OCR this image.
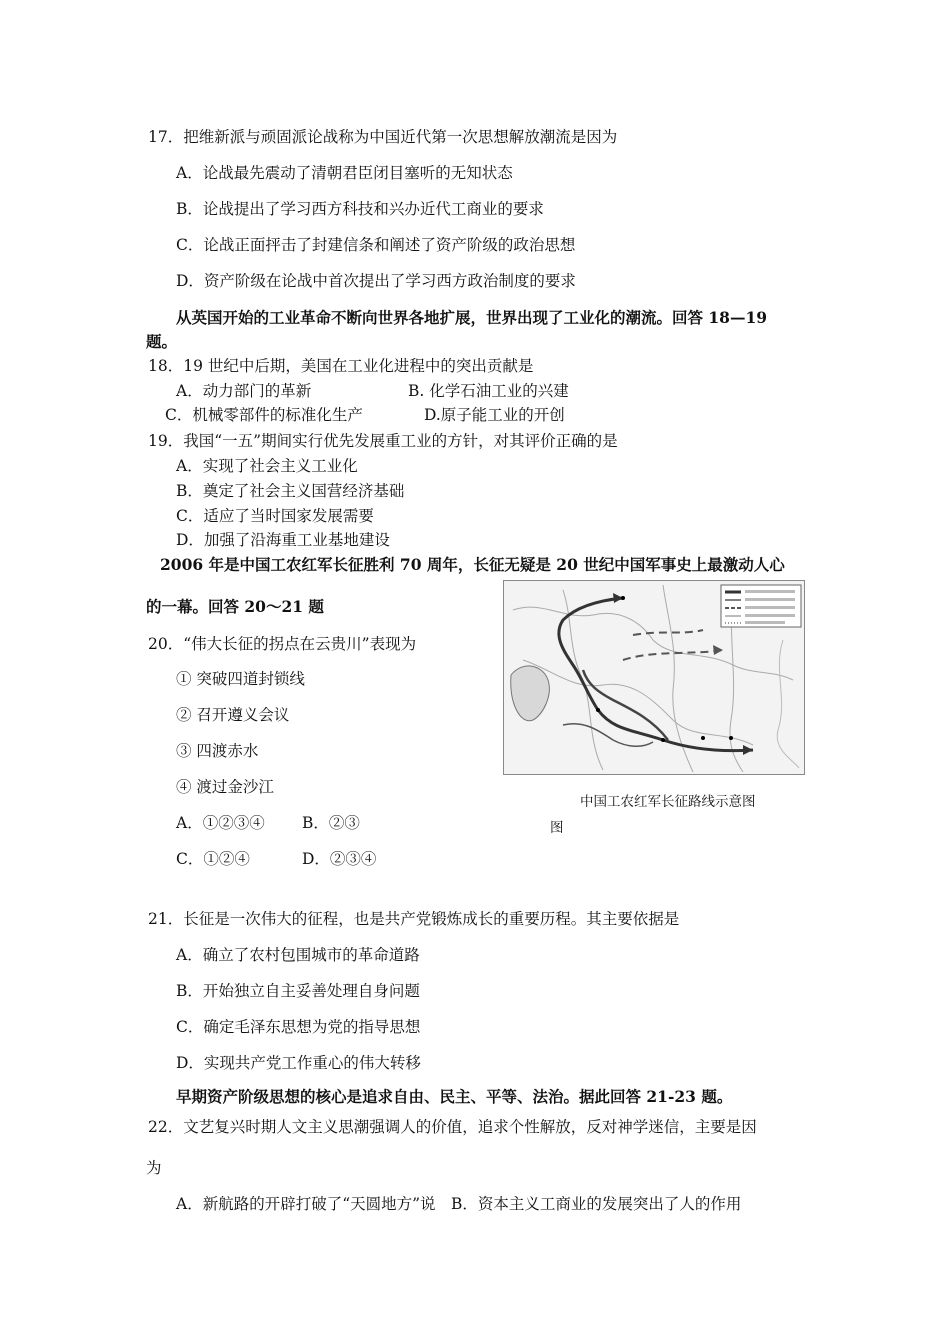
17．把维新派与顽固派论战称为中国近代第一次思想解放潮流是因为
A．论战最先震动了清朝君臣闭目塞听的无知状态
B．论战提出了学习西方科技和兴办近代工商业的要求
C．论战正面抨击了封建信条和阐述了资产阶级的政治思想
D．资产阶级在论战中首次提出了学习西方政治制度的要求
从英国开始的工业革命不断向世界各地扩展，世界出现了工业化的潮流。回答 18—19
题。
18．19 世纪中后期，美国在工业化进程中的突出贡献是
A．动力部门的革新	B. 化学石油工业的兴建
C．机械零部件的标准化生产	D.原子能工业的开创
19．我国“一五”期间实行优先发展重工业的方针，对其评价正确的是
A．实现了社会主义工业化
B．奠定了社会主义国营经济基础
C．适应了当时国家发展需要
D．加强了沿海重工业基地建设
2006 年是中国工农红军长征胜利 70 周年，长征无疑是 20 世纪中国军事史上最激动人心
的一幕。回答 20～21 题
中国工农红军长征路线示意图
图
20．“伟大长征的拐点在云贵川”表现为
① 突破四道封锁线
② 召开遵义会议
③ 四渡赤水
④ 渡过金沙江
A．①②③④ B．②③
C．①②④	D．②③④
21．长征是一次伟大的征程，也是共产党锻炼成长的重要历程。其主要依据是
A．确立了农村包围城市的革命道路
B．开始独立自主妥善处理自身问题
C．确定毛泽东思想为党的指导思想
D．实现共产党工作重心的伟大转移
早期资产阶级思想的核心是追求自由、民主、平等、法治。据此回答 21-23 题。
22．文艺复兴时期人文主义思潮强调人的价值，追求个性解放，反对神学迷信，主要是因
为
A．新航路的开辟打破了“天圆地方”说　B．资本主义工商业的发展突出了人的作用
